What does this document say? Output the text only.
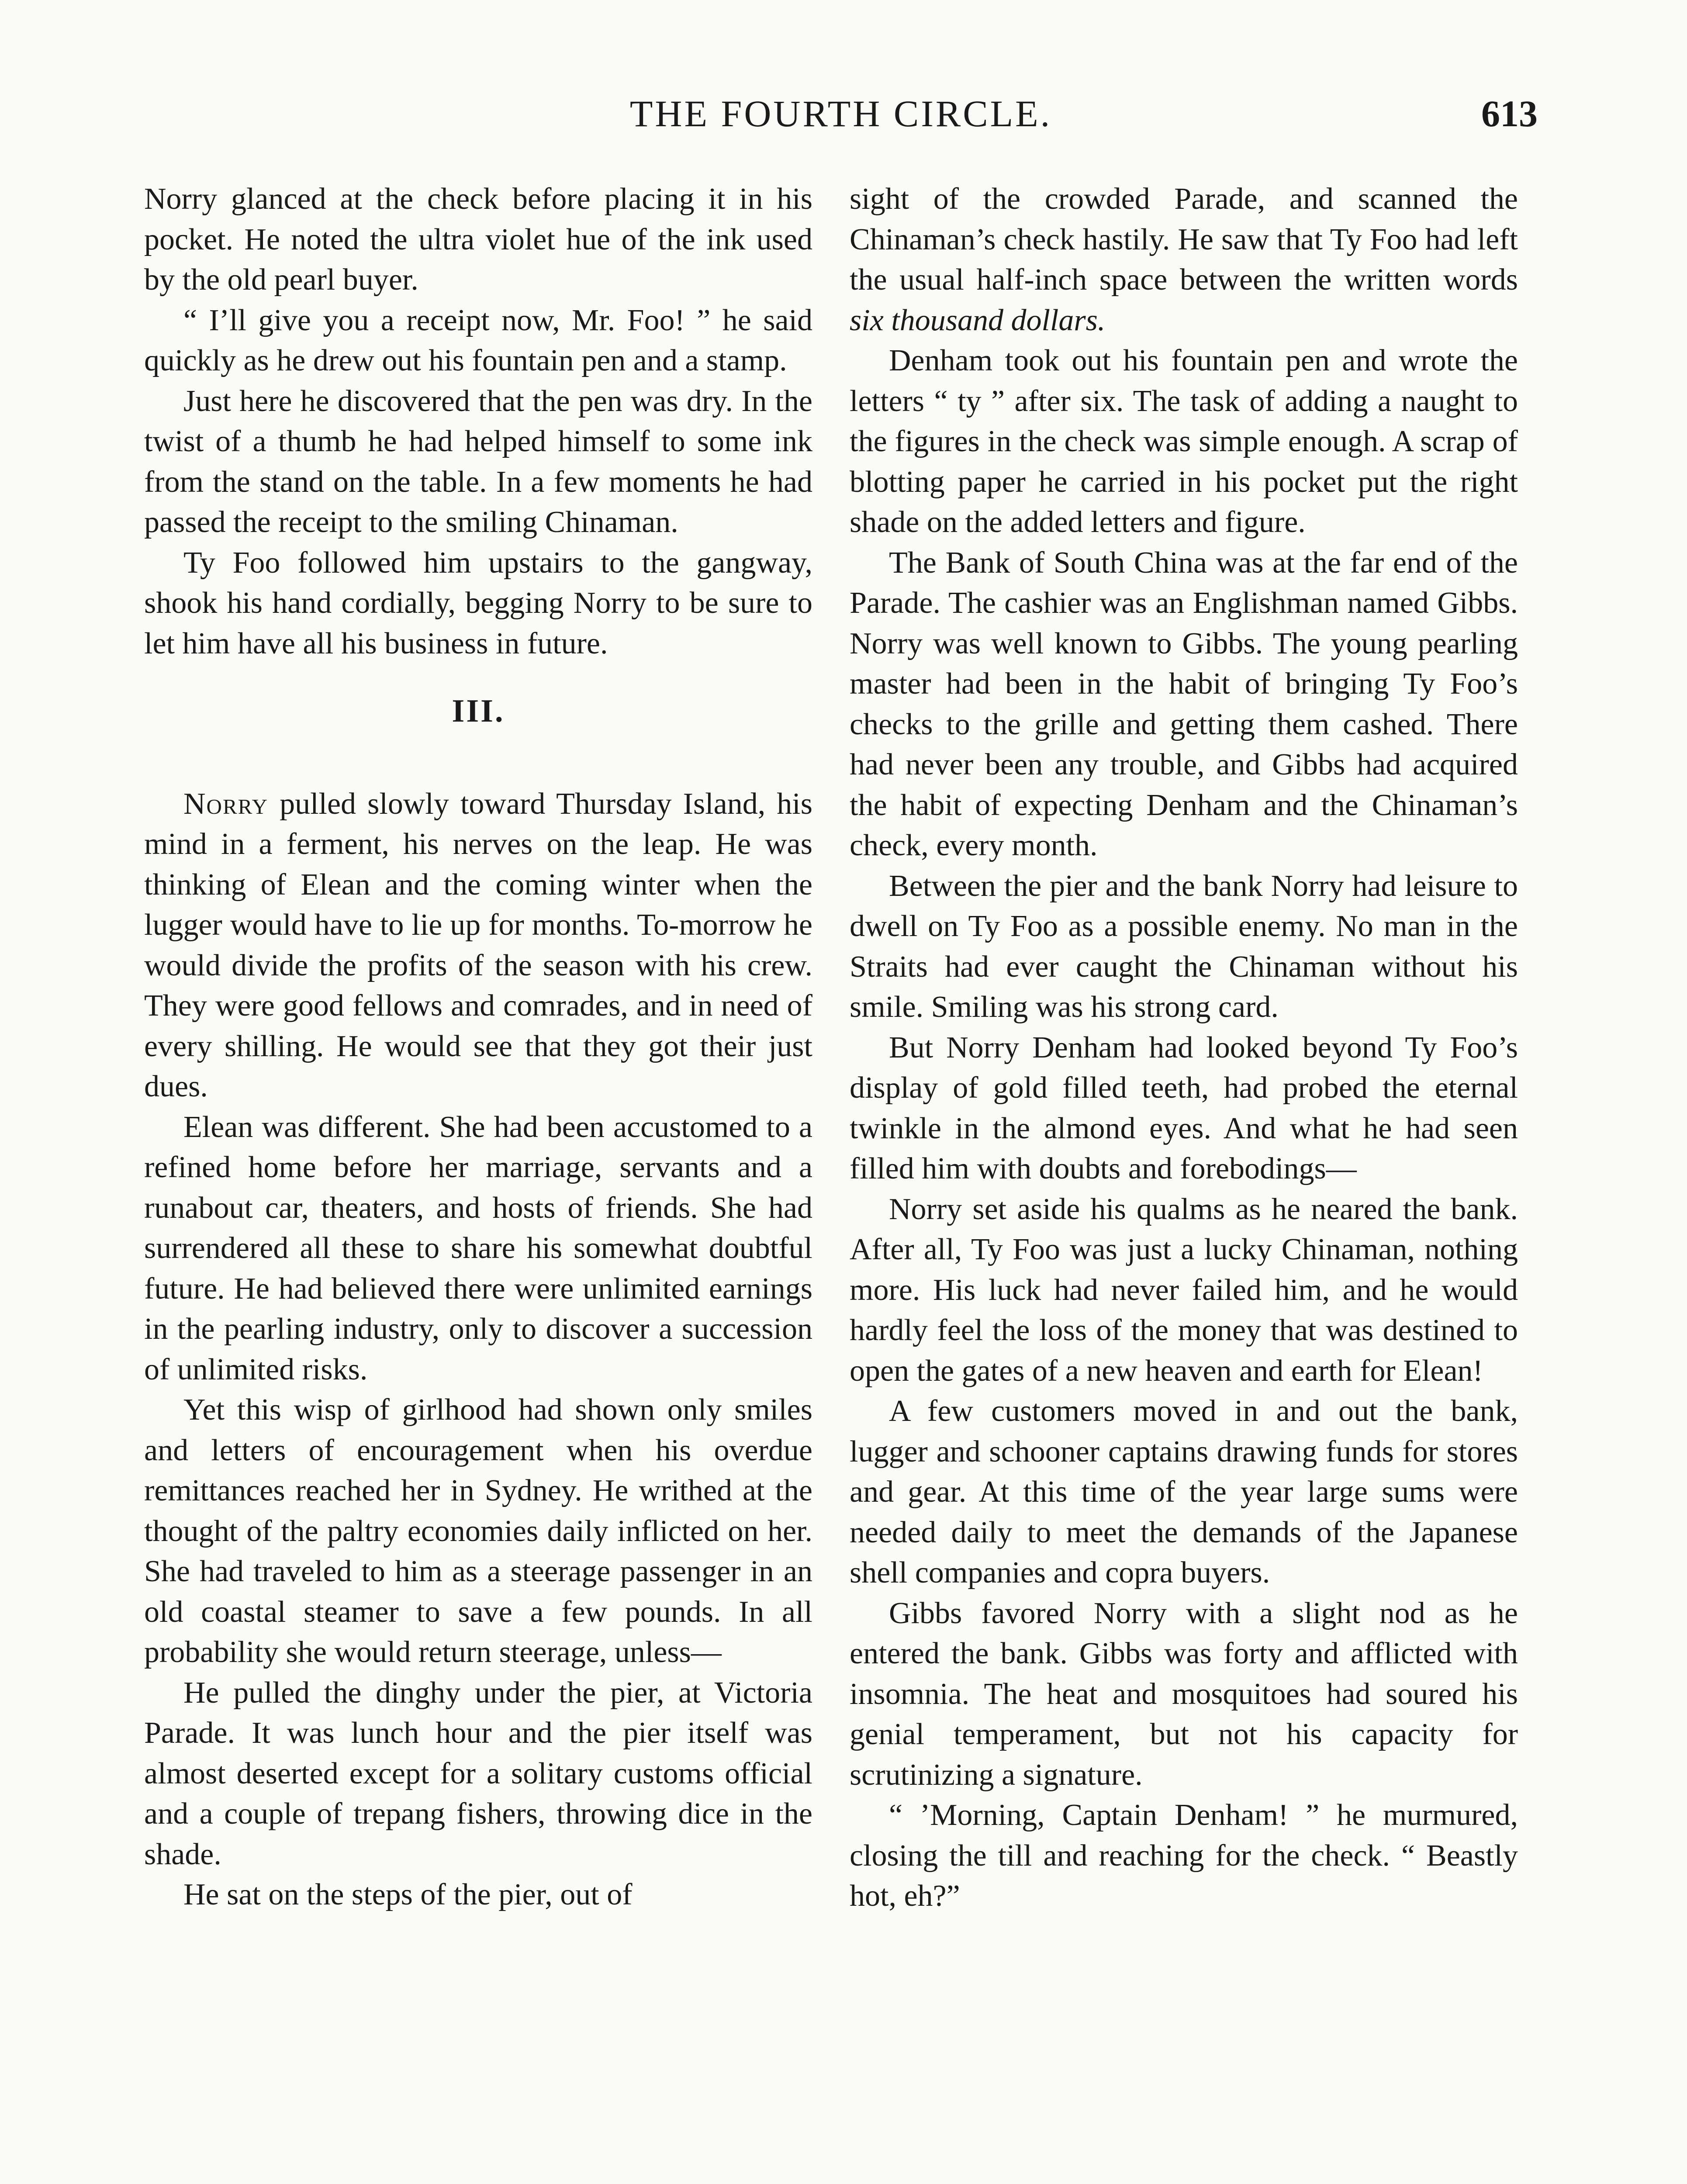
THE FOURTH CIRCLE.	613

Norry glanced at the check before placing it in his pocket. He noted the ultra violet hue of the ink used by the old pearl buyer.

“ I’ll give you a receipt now, Mr. Foo! ” he said quickly as he drew out his fountain pen and a stamp.

Just here he discovered that the pen was dry. In the twist of a thumb he had helped himself to some ink from the stand on the table. In a few moments he had passed the receipt to the smiling Chinaman.

Ty Foo followed him upstairs to the gangway, shook his hand cordially, begging Norry to be sure to let him have all his business in future.

III.

Norry pulled slowly toward Thursday Island, his mind in a ferment, his nerves on the leap. He was thinking of Elean and the coming winter when the lugger would have to lie up for months. To-morrow he would divide the profits of the season with his crew. They were good fellows and comrades, and in need of every shilling. He would see that they got their just dues.

Elean was different. She had been accustomed to a refined home before her marriage, servants and a runabout car, theaters, and hosts of friends. She had surrendered all these to share his somewhat doubtful future. He had believed there were unlimited earnings in the pearling industry, only to discover a succession of unlimited risks.

Yet this wisp of girlhood had shown only smiles and letters of encouragement when his overdue remittances reached her in Sydney. He writhed at the thought of the paltry economies daily inflicted on her. She had traveled to him as a steerage passenger in an old coastal steamer to save a few pounds. In all probability she would return steerage, unless—

He pulled the dinghy under the pier, at Victoria Parade. It was lunch hour and the pier itself was almost deserted except for a solitary customs official and a couple of trepang fishers, throwing dice in the shade.

He sat on the steps of the pier, out of

sight of the crowded Parade, and scanned the Chinaman’s check hastily. He saw that Ty Foo had left the usual half-inch space between the written words six thousand dollars.

Denham took out his fountain pen and wrote the letters “ ty ” after six. The task of adding a naught to the figures in the check was simple enough. A scrap of blotting paper he carried in his pocket put the right shade on the added letters and figure.

The Bank of South China was at the far end of the Parade. The cashier was an Englishman named Gibbs. Norry was well known to Gibbs. The young pearling master had been in the habit of bringing Ty Foo’s checks to the grille and getting them cashed. There had never been any trouble, and Gibbs had acquired the habit of expecting Denham and the Chinaman’s check, every month.

Between the pier and the bank Norry had leisure to dwell on Ty Foo as a possible enemy. No man in the Straits had ever caught the Chinaman without his smile. Smiling was his strong card.

But Norry Denham had looked beyond Ty Foo’s display of gold filled teeth, had probed the eternal twinkle in the almond eyes. And what he had seen filled him with doubts and forebodings—

Norry set aside his qualms as he neared the bank. After all, Ty Foo was just a lucky Chinaman, nothing more. His luck had never failed him, and he would hardly feel the loss of the money that was destined to open the gates of a new heaven and earth for Elean!

A few customers moved in and out the bank, lugger and schooner captains drawing funds for stores and gear. At this time of the year large sums were needed daily to meet the demands of the Japanese shell companies and copra buyers.

Gibbs favored Norry with a slight nod as he entered the bank. Gibbs was forty and afflicted with insomnia. The heat and mosquitoes had soured his genial temperament, but not his capacity for scrutinizing a signature.

“ ’Morning, Captain Denham! ” he murmured, closing the till and reaching for the check. “ Beastly hot, eh?”
